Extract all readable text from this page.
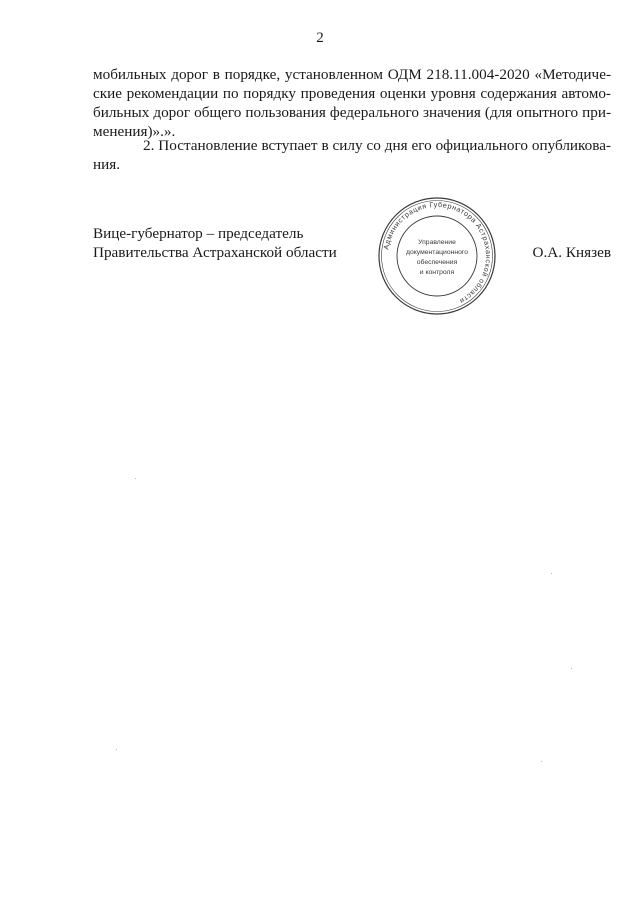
2
мобильных дорог в порядке, установленном ОДМ 218.11.004-2020 «Методиче-
ские рекомендации по порядку проведения оценки уровня содержания автомо-
бильных дорог общего пользования федерального значения (для опытного при-
менения)».».
2. Постановление вступает в силу со дня его официального опубликова-
ния.
Вице-губернатор – председатель
Правительства Астраханской области	Администрация Губернатора Астраханской области
Управление
документационного
обеспечения
и контроля
О.А. Князев
